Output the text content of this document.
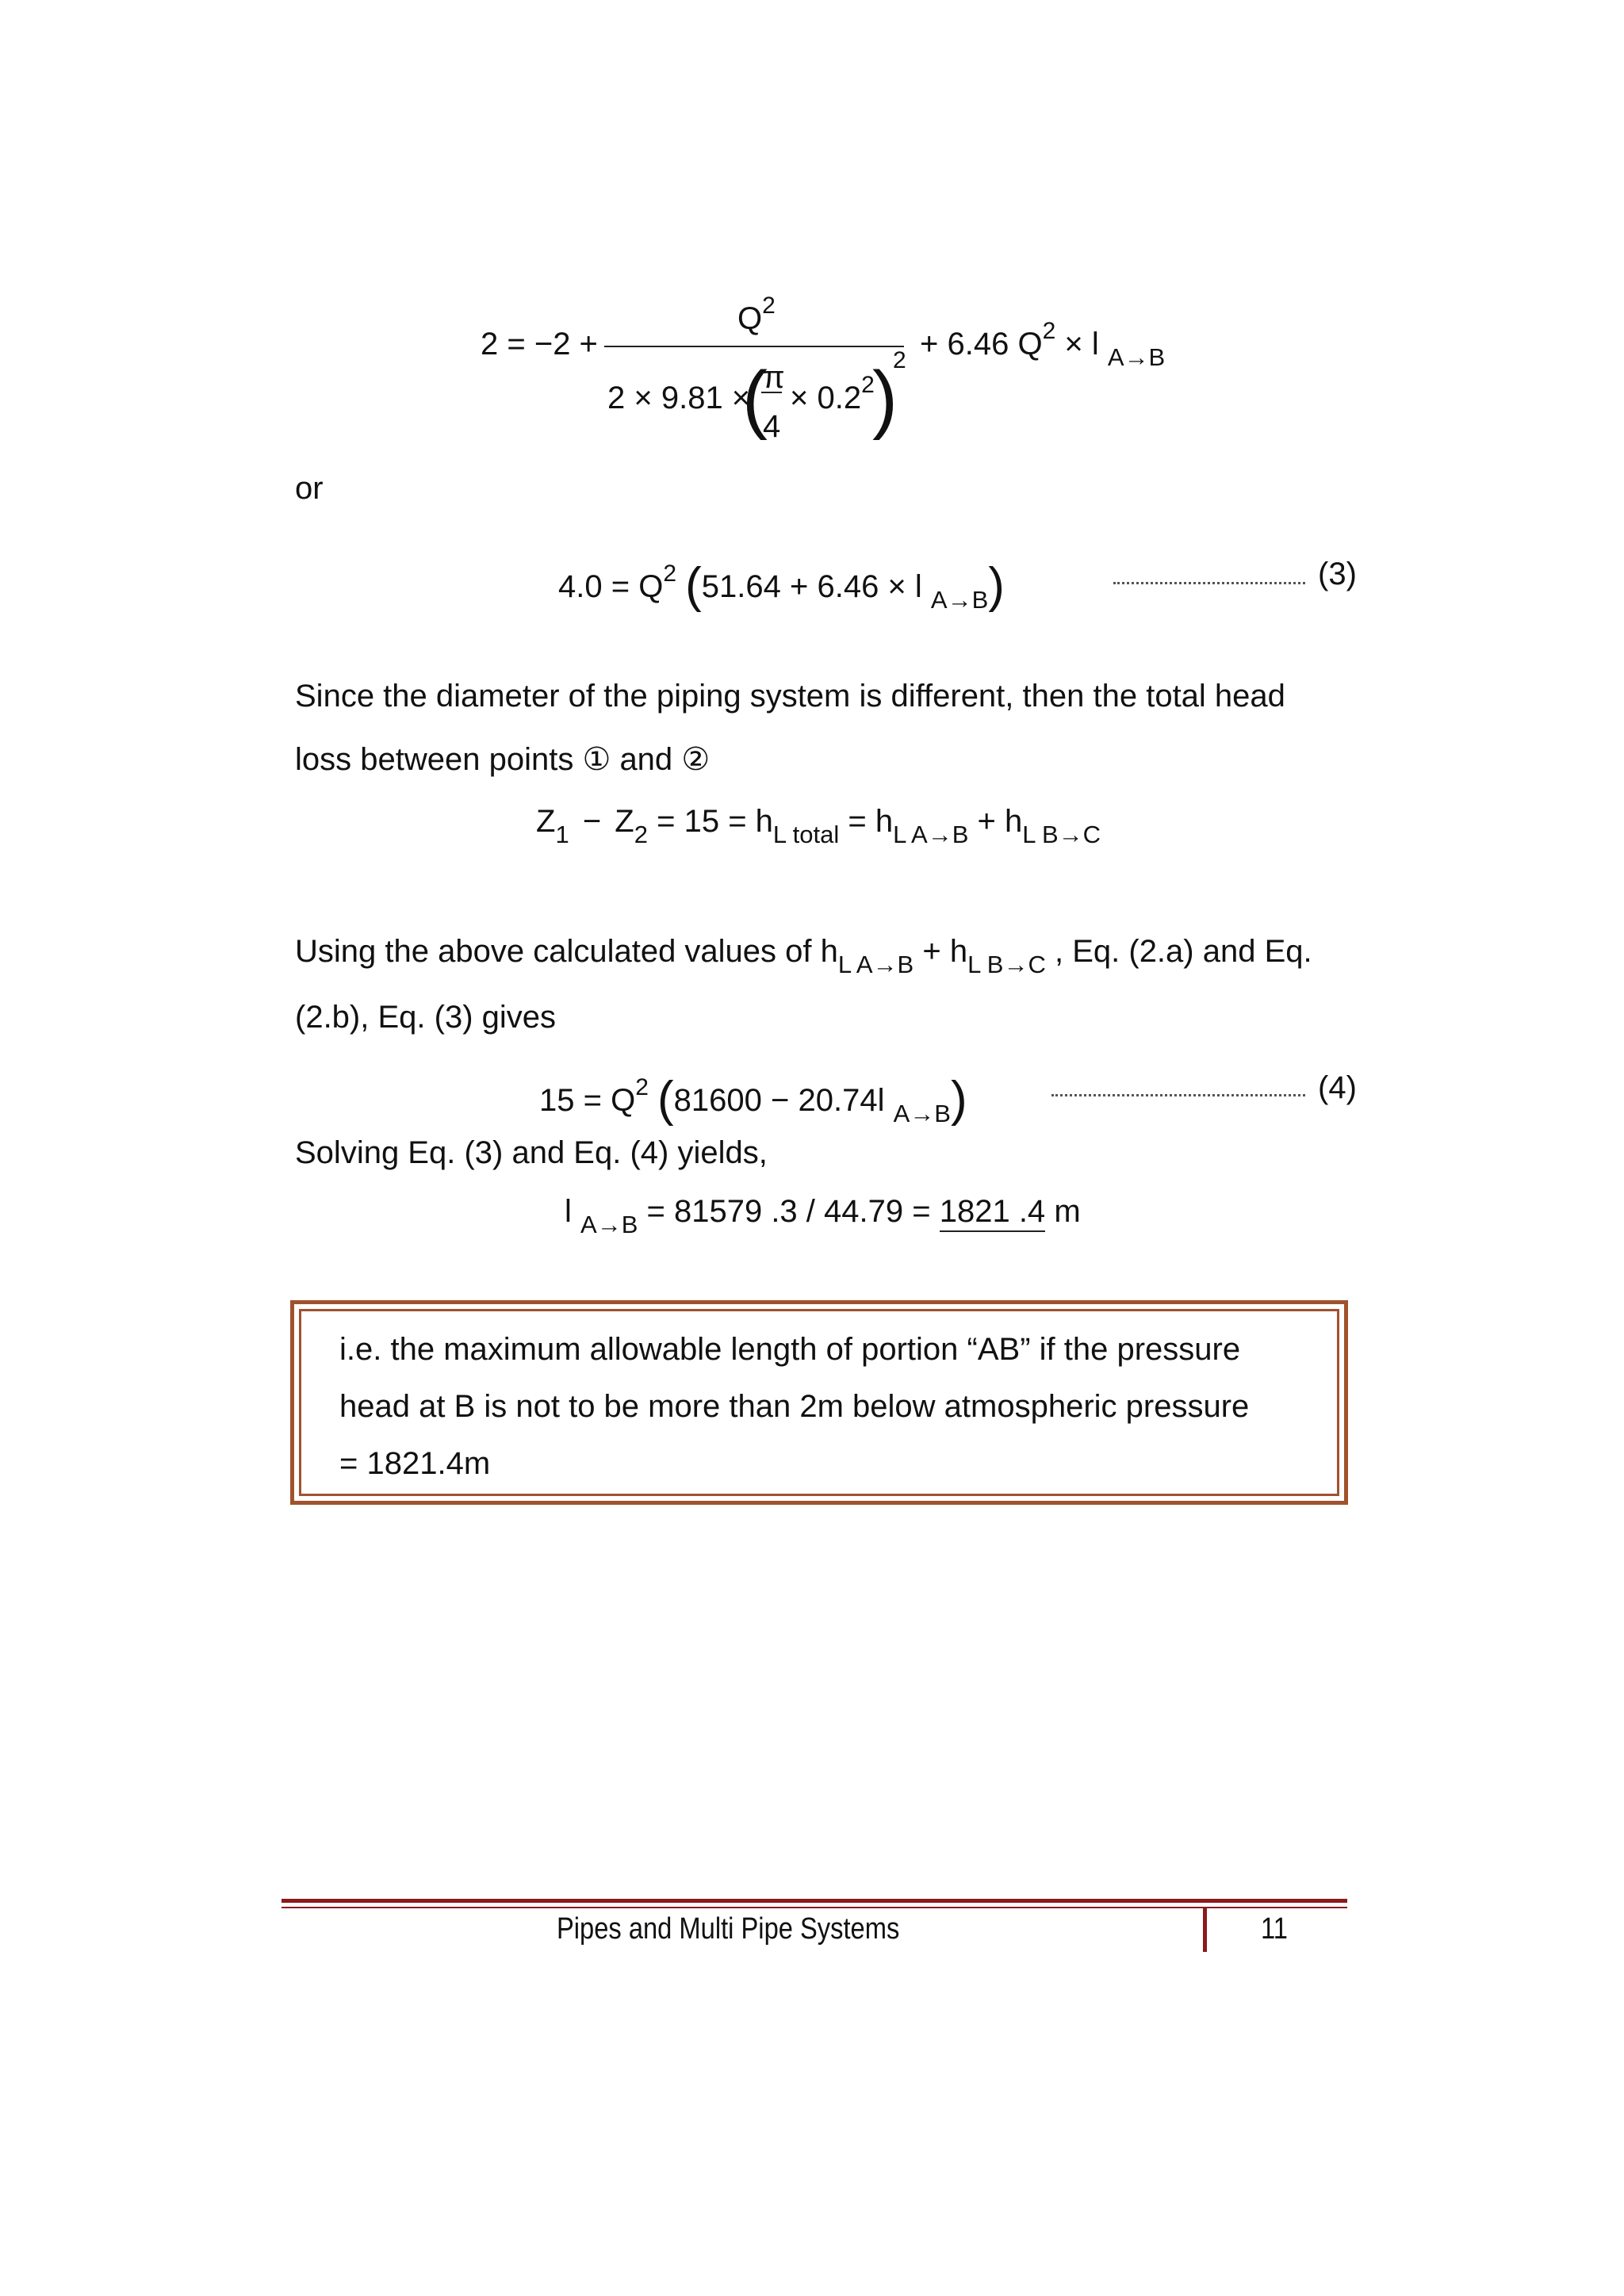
2 = −2 +
$Q^2$
2 × 9.81 ×
(
π
4
× $0.2^2$
)
2 + 6.46 $Q^2 \times l$ $_{A\to B}$
or
$4.0 = Q^2$ (51.64 + 6.46 × l $_{A\to B}$)	(3)
Since the diameter of the piping system is different, then the total head
loss between points ① and ②
$Z_1 - Z_2 = 15 = h_{L total} = h_{L A\to B} + h_{L B\to C}$
Using the above calculated values of $h_{L A\to B} + h_{L B\to C}$ , Eq. (2.a) and Eq.
(2.b), Eq. (3) gives
$15 = Q^2$ (81600 − 20.74l $_{A\to B}$)	(4)
Solving Eq. (3) and Eq. (4) yields,
l $_{A\to B}$ = 81579 .3 / 44.79 = 1821 .4 m
i.e. the maximum allowable length of portion “AB” if the pressure
head at B is not to be more than 2m below atmospheric pressure
= 1821.4m
Pipes and Multi Pipe Systems	11
